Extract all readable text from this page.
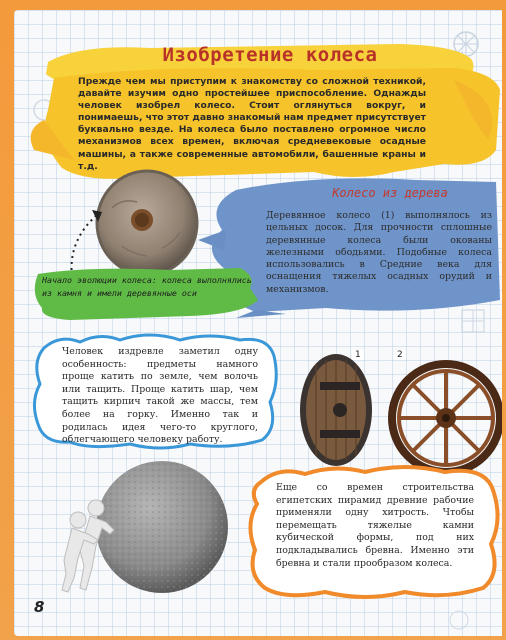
Изобретение колеса
Прежде чем мы приступим к знакомству со сложной техникой, давайте изучим одно простейшее приспособление. Однажды человек изобрел колесо. Стоит оглянуться вокруг, и понимаешь, что этот давно знакомый нам предмет присутствует буквально везде. На колеса было поставлено огромное число механизмов всех времен, включая средневековые осадные машины, а также современные автомобили, башенные краны и т.д.
Колесо из дерева
Деревянное колесо (1) выполнялось из цельных досок. Для прочности сплошные деревянные колеса были окованы железными ободьями. Подобные колеса использовались в Средние века для оснащения тяжелых осадных орудий и механизмов.
Начало эволюции колеса: колеса выполнялись из камня и имели деревянные оси
Человек издревле заметил одну особенность: предметы намного проще катить по земле, чем волочь или тащить. Проще катить шар, чем тащить кирпич такой же массы, тем более на горку. Именно так и родилась идея чего-то круглого, облегчающего человеку работу.
1	2
Еще со времен строительства египетских пирамид древние рабочие применяли одну хитрость. Чтобы перемещать тяжелые камни кубической формы, под них подкладывались бревна. Именно эти бревна и стали прообразом колеса.
8
